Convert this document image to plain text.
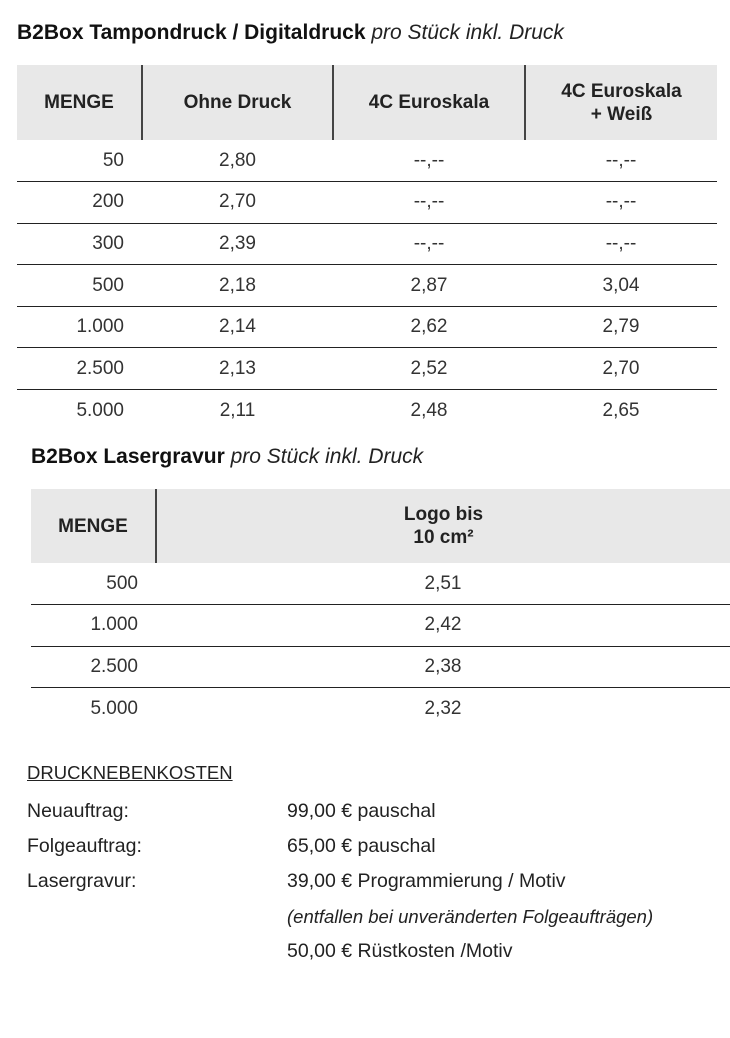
B2Box Tampondruck / Digitaldruck pro Stück inkl. Druck
MENGE	Ohne Druck	4C Euroskala	4C Euroskala
+ Weiß
50	2,80	--,--	--,--
200	2,70	--,--	--,--
300	2,39	--,--	--,--
500	2,18	2,87	3,04
1.000	2,14	2,62	2,79
2.500	2,13	2,52	2,70
5.000	2,11	2,48	2,65
B2Box Lasergravur pro Stück inkl. Druck
MENGE	Logo bis
10 cm²
500	2,51
1.000	2,42
2.500	2,38
5.000	2,32
DRUCKNEBENKOSTEN
Neuauftrag:	99,00 € pauschal
Folgeauftrag:	65,00 € pauschal
Lasergravur:	39,00 € Programmierung / Motiv
(entfallen bei unveränderten Folgeaufträgen)
50,00 € Rüstkosten /Motiv
